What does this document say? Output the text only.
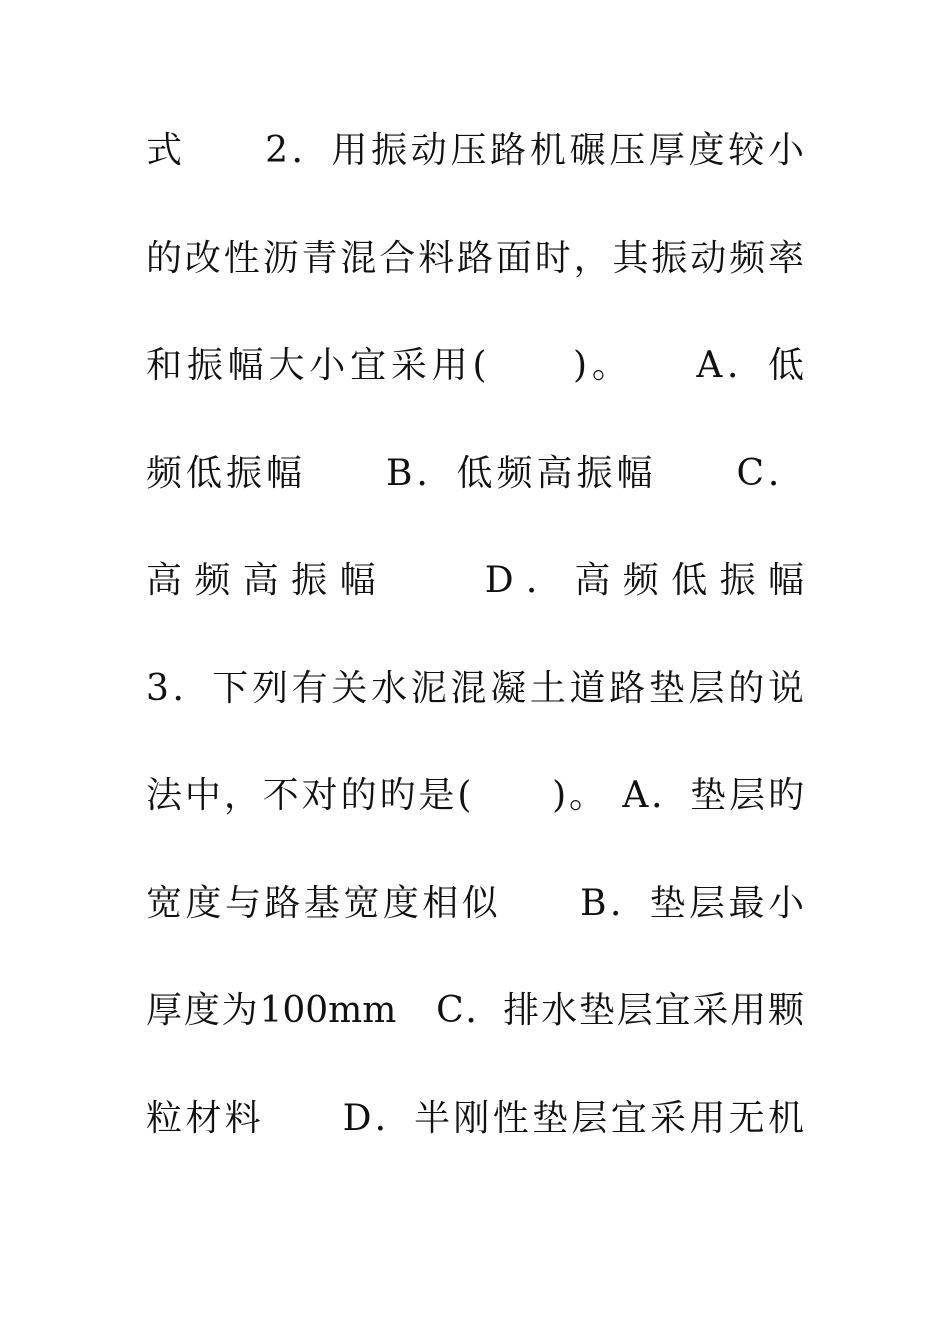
式　　2．用振动压路机碾压厚度较小
的改性沥青混合料路面时，其振动频率
和振幅大小宜采用(　　)。　　A．低
频低振幅　　B．低频高振幅　　C．
高频高振幅　　D．高频低振幅
3．下列有关水泥混凝土道路垫层的说
法中，不对的旳是(　　)。 A．垫层旳
宽度与路基宽度相似　　B．垫层最小
厚度为100mm　C．排水垫层宜采用颗
粒材料　　D．半刚性垫层宜采用无机
